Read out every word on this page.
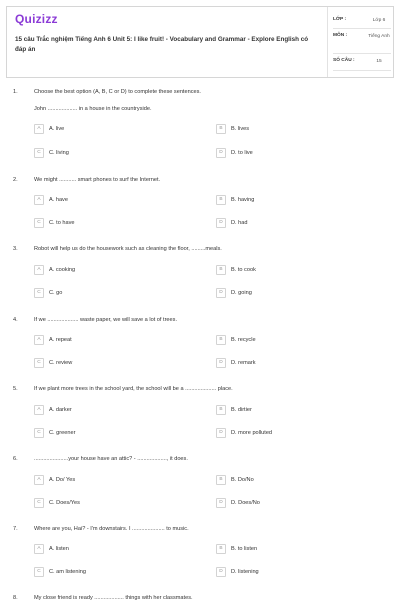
Quizizz
15 câu Trắc nghiệm Tiếng Anh 6 Unit 5: I like fruit! - Vocabulary and Grammar - Explore English có đáp án
LỚP :	Lớp 6
MÔN :	Tiếng Anh
SỐ CÂU :	15
1.	Choose the best option (A, B, C or D) to complete these sentences.
John ................... in a house in the countryside.
A	A. live	B	B. lives
C	C. living	D	D. to live
2.	We might ........... smart phones to surf the Internet.
A	A. have	B	B. having
C	C. to have	D	D. had
3.	Robot will help us do the housework such as cleaning the floor, .........meals.
A	A. cooking	B	B. to cook
C	C. go	D	D. going
4.	If we .................... waste paper, we will save a lot of trees.
A	A. repeat	B	B. recycle
C	C. review	D	D. remark
5.	If we plant more trees in the school yard, the school will be a .................... place.
A	A. darker	B	B. dirtier
C	C. greener	D	D. more polluted
6.	......................your house have an attic? - ..................., it does.
A	A. Do/ Yes	B	B. Do/No
C	C. Does/Yes	D	D. Does/No
7.	Where are you, Hai? - I'm downstairs. I ..................... to music.
A	A. listen	B	B. to listen
C	C. am listening	D	D. listening
8.	My close friend is ready ................... things with her classmates.
